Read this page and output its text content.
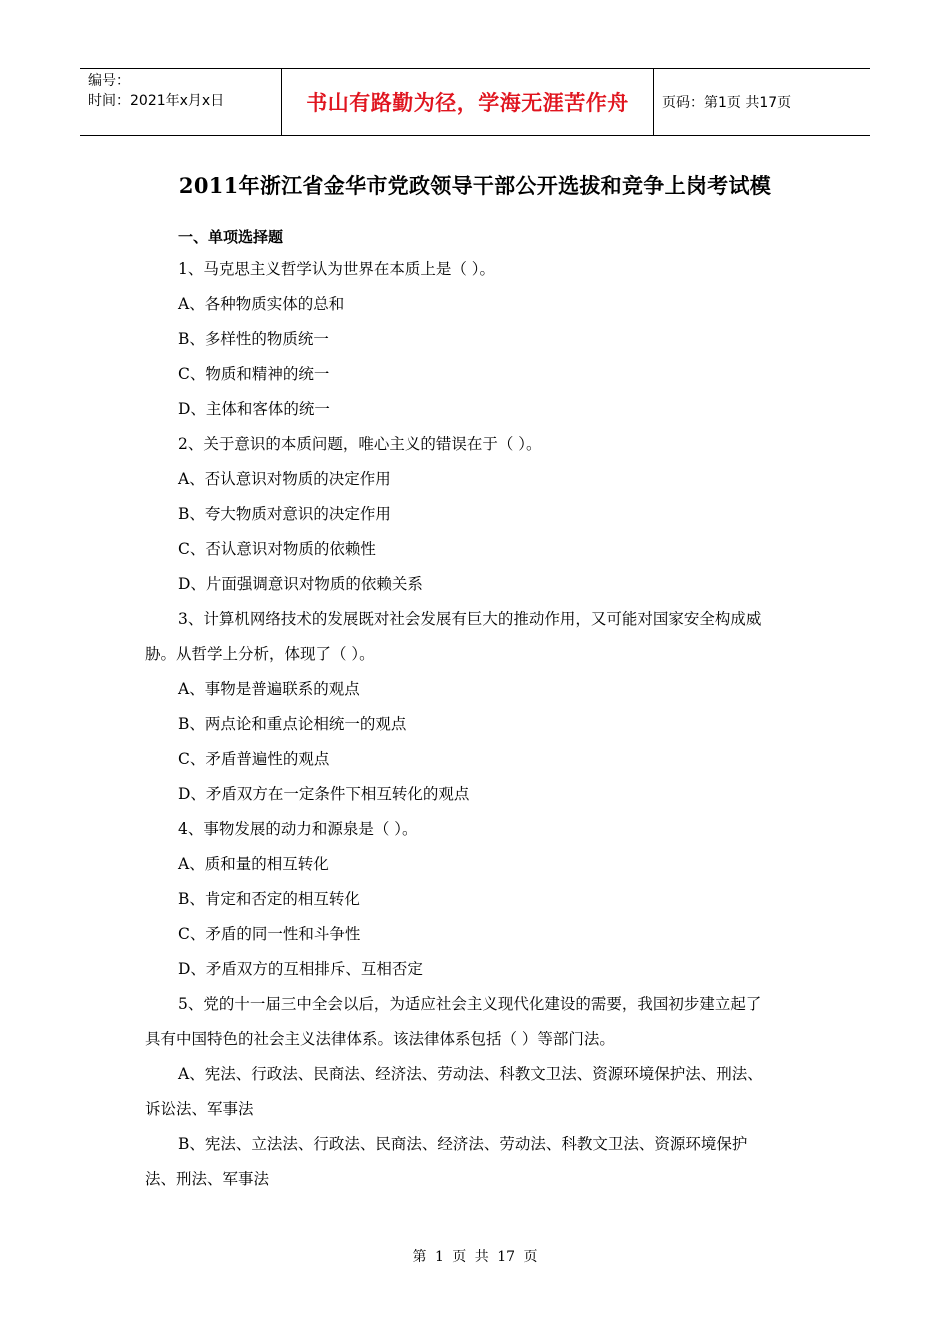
编号：
时间：2021年x月x日	书山有路勤为径，学海无涯苦作舟	页码：第1页 共17页
2011年浙江省金华市党政领导干部公开选拔和竞争上岗考试模
一、单项选择题
1、马克思主义哲学认为世界在本质上是（ ）。
A、各种物质实体的总和
B、多样性的物质统一
C、物质和精神的统一
D、主体和客体的统一
2、关于意识的本质问题，唯心主义的错误在于（ ）。
A、否认意识对物质的决定作用
B、夸大物质对意识的决定作用
C、否认意识对物质的依赖性
D、片面强调意识对物质的依赖关系
3、计算机网络技术的发展既对社会发展有巨大的推动作用，又可能对国家安全构成威
胁。从哲学上分析，体现了（ ）。
A、事物是普遍联系的观点
B、两点论和重点论相统一的观点
C、矛盾普遍性的观点
D、矛盾双方在一定条件下相互转化的观点
4、事物发展的动力和源泉是（ ）。
A、质和量的相互转化
B、肯定和否定的相互转化
C、矛盾的同一性和斗争性
D、矛盾双方的互相排斥、互相否定
5、党的十一届三中全会以后，为适应社会主义现代化建设的需要，我国初步建立起了
具有中国特色的社会主义法律体系。该法律体系包括（ ）等部门法。
A、宪法、行政法、民商法、经济法、劳动法、科教文卫法、资源环境保护法、刑法、
诉讼法、军事法
B、宪法、立法法、行政法、民商法、经济法、劳动法、科教文卫法、资源环境保护
法、刑法、军事法
第 1 页 共 17 页
